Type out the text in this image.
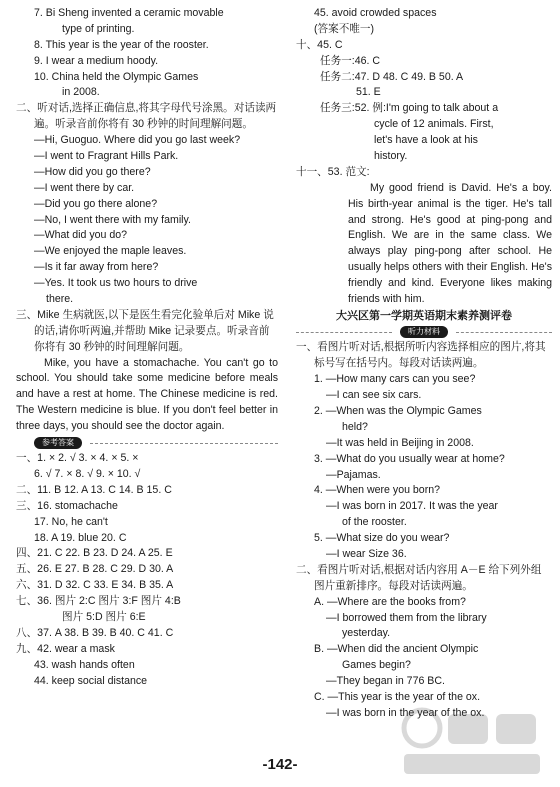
7. Bi Sheng invented a ceramic movable
type of printing.
8. This year is the year of the rooster.
9. I wear a medium hoody.
10. China held the Olympic Games
in 2008.
二、听对话,选择正确信息,将其字母代号涂黑。对话读两遍。听录音前你将有 30 秒钟的时间理解问题。
—Hi, Guoguo. Where did you go last week?
—I went to Fragrant Hills Park.
—How did you go there?
—I went there by car.
—Did you go there alone?
—No, I went there with my family.
—What did you do?
—We enjoyed the maple leaves.
—Is it far away from here?
—Yes. It took us two hours to drive
there.
三、Mike 生病就医,以下是医生看完化验单后对 Mike 说的话,请你听两遍,并帮助 Mike 记录要点。听录音前你将有 30 秒钟的时间理解问题。
Mike, you have a stomachache. You can't go to school. You should take some medicine before meals and have a rest at home. The Chinese medicine is red. The Western medicine is blue. If you don't feel better in three days, you should see the doctor again.
参考答案
一、1. × 2. √ 3. × 4. × 5. ×
6. √ 7. × 8. √ 9. × 10. √
二、11. B 12. A 13. C 14. B 15. C
三、16. stomachache
17. No, he can't
18. A 19. blue 20. C
四、21. C 22. B 23. D 24. A 25. E
五、26. E 27. B 28. C 29. D 30. A
六、31. D 32. C 33. E 34. B 35. A
七、36. 图片 2:C 图片 3:F 图片 4:B
图片 5:D 图片 6:E
八、37. A 38. B 39. B 40. C 41. C
九、42. wear a mask
43. wash hands often
44. keep social distance
45. avoid crowded spaces
(答案不唯一)
十、45. C
任务一:46. C
任务二:47. D 48. C 49. B 50. A
51. E
任务三:52. 例:I'm going to talk about a
cycle of 12 animals. First,
let's have a look at his
history.
十一、53. 范文:
My good friend is David. He's a boy. His birth-year animal is the tiger. He's tall and strong. He's good at ping-pong and English. We are in the same class. We always play ping-pong after school. He usually helps others with their English. He's friendly and kind. Everyone likes making friends with him.
大兴区第一学期英语期末素养测评卷
听力材料
一、看图片听对话,根据所听内容选择相应的图片,将其标号写在括号内。每段对话读两遍。
1. —How many cars can you see?
—I can see six cars.
2. —When was the Olympic Games
held?
—It was held in Beijing in 2008.
3. —What do you usually wear at home?
—Pajamas.
4. —When were you born?
—I was born in 2017. It was the year
of the rooster.
5. —What size do you wear?
—I wear Size 36.
二、看图片听对话,根据对话内容用 A－E 给下列外组图片重新排序。每段对话读两遍。
A. —Where are the books from?
—I borrowed them from the library
yesterday.
B. —When did the ancient Olympic
Games begin?
—They began in 776 BC.
C. —This year is the year of the ox.
—I was born in the year of the ox.
-142-
